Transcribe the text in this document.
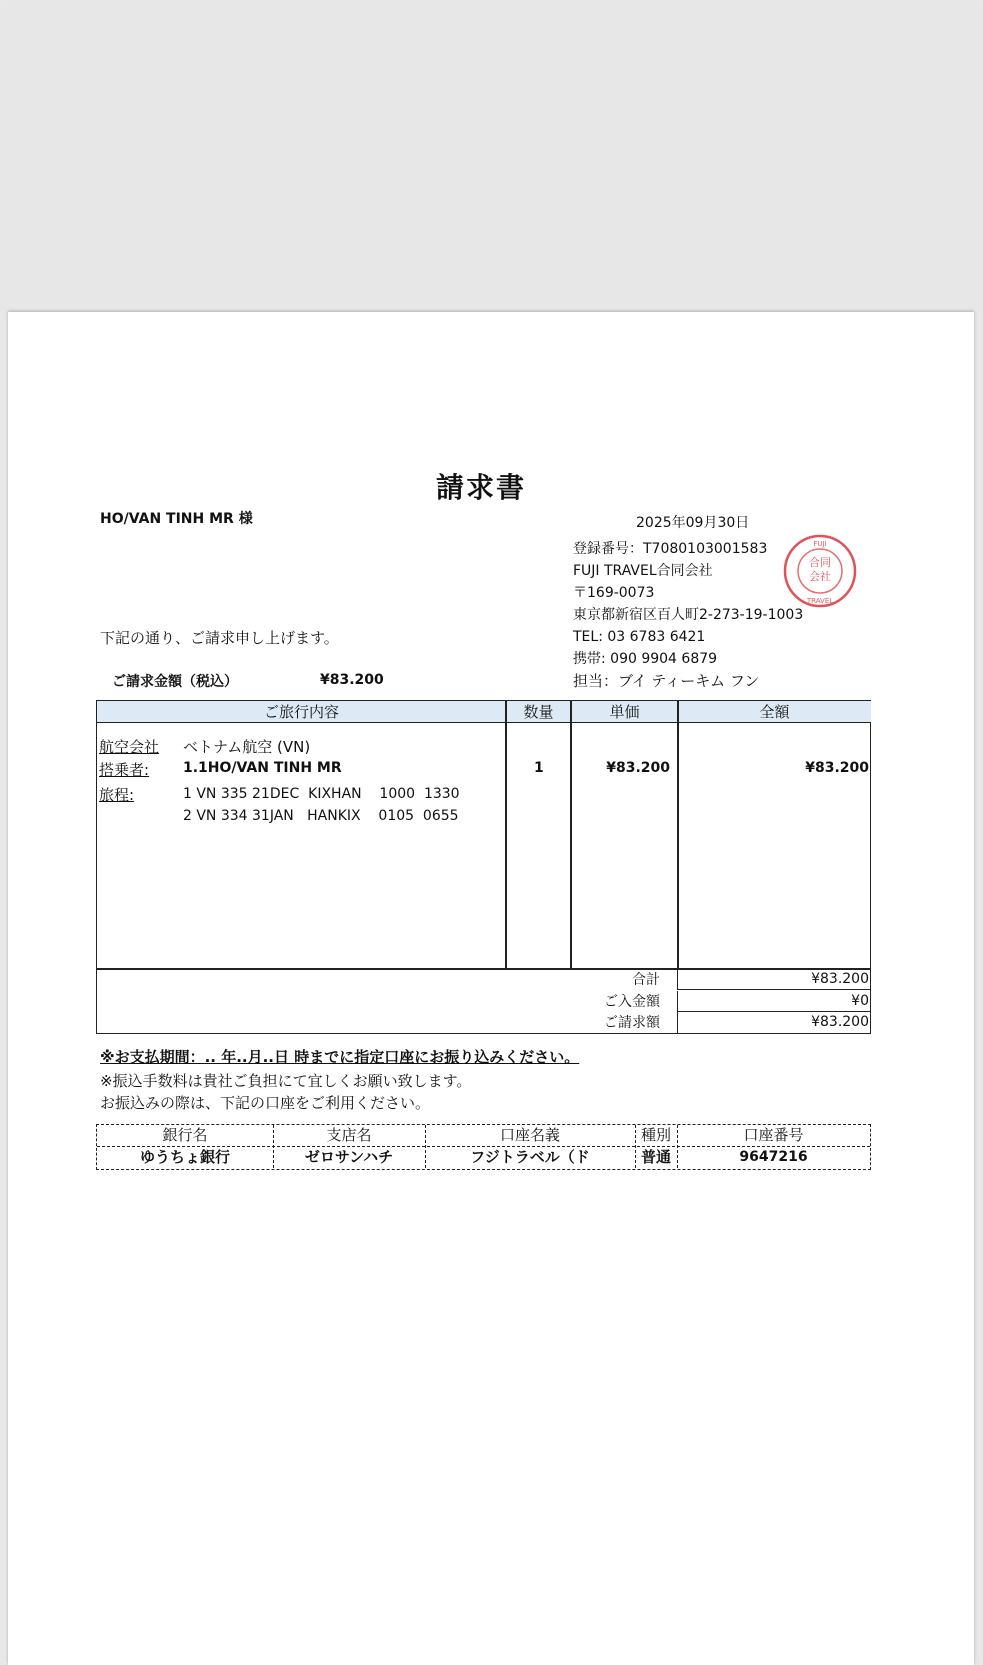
請求書
HO/VAN TINH MR 様	2025年09月30日
登録番号：T7080103001583
FUJI TRAVEL合同会社
〒169-0073
東京都新宿区百人町2-273-19-1003
TEL: 03 6783 6421
携帯: 090 9904 6879
合同
会社
FUJI
TRAVEL
下記の通り、ご請求申し上げます。
ご請求金額（税込）	¥83.200	担当：ブイ ティーキム フン
ご旅行内容	数量	単価	全額
航空会社 ベトナム航空 (VN)
搭乗者: 1.1HO/VAN TINH MR
旅程:	1 VN 335 21DEC  KIXHAN    1000  1330
2 VN 334 31JAN   HANKIX    0105  0655
1	¥83.200	¥83.200
合計	¥83.200
ご入金額	¥0
ご請求額	¥83.200
※お支払期間：.. 年..月..日 時までに指定口座にお振り込みください。
※振込手数料は貴社ご負担にて宜しくお願い致します。
お振込みの際は、下記の口座をご利用ください。
銀行名	支店名	口座名義	種別	口座番号
ゆうちょ銀行	ゼロサンハチ	フジトラベル（ド	普通	9647216
